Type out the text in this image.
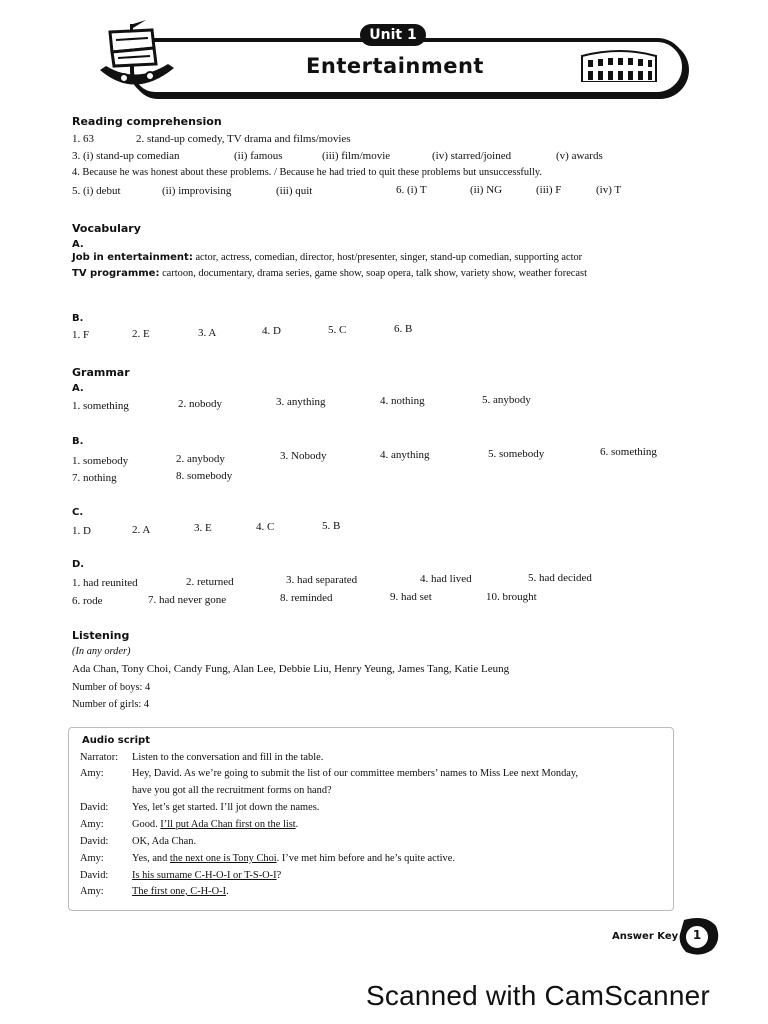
Unit 1
Entertainment
Reading comprehension
1. 63	2. stand-up comedy, TV drama and films/movies
3. (i) stand-up comedian	(ii) famous	(iii) film/movie	(iv) starred/joined	(v) awards
4. Because he was honest about these problems. / Because he had tried to quit these problems but unsuccessfully.
5. (i) debut	(ii) improvising	(iii) quit	6. (i) T	(ii) NG	(iii) F	(iv) T
Vocabulary
A.
Job in entertainment: actor, actress, comedian, director, host/presenter, singer, stand-up comedian, supporting actor
TV programme: cartoon, documentary, drama series, game show, soap opera, talk show, variety show, weather forecast
B.
1. F	2. E	3. A	4. D	5. C	6. B
Grammar
A.
1. something	2. nobody	3. anything	4. nothing	5. anybody
B.
1. somebody	2. anybody	3. Nobody	4. anything	5. somebody	6. something
7. nothing	8. somebody
C.
1. D	2. A	3. E	4. C	5. B
D.
1. had reunited	2. returned	3. had separated	4. had lived	5. had decided
6. rode	7. had never gone	8. reminded	9. had set	10. brought
Listening
(In any order)
Ada Chan, Tony Choi, Candy Fung, Alan Lee, Debbie Liu, Henry Yeung, James Tang, Katie Leung
Number of boys: 4
Number of girls: 4
Audio script
Narrator: Listen to the conversation and fill in the table.
Amy:	Hey, David. As we’re going to submit the list of our committee members’ names to Miss Lee next Monday,
have you got all the recruitment forms on hand?
David: Yes, let’s get started. I’ll jot down the names.
Amy:	Good. I’ll put Ada Chan first on the list.
David: OK, Ada Chan.
Amy:	Yes, and the next one is Tony Choi. I’ve met him before and he’s quite active.
David: Is his surname C-H-O-I or T-S-O-I?
Amy:	The first one, C-H-O-I.
Answer Key	1
Scanned with CamScanner
